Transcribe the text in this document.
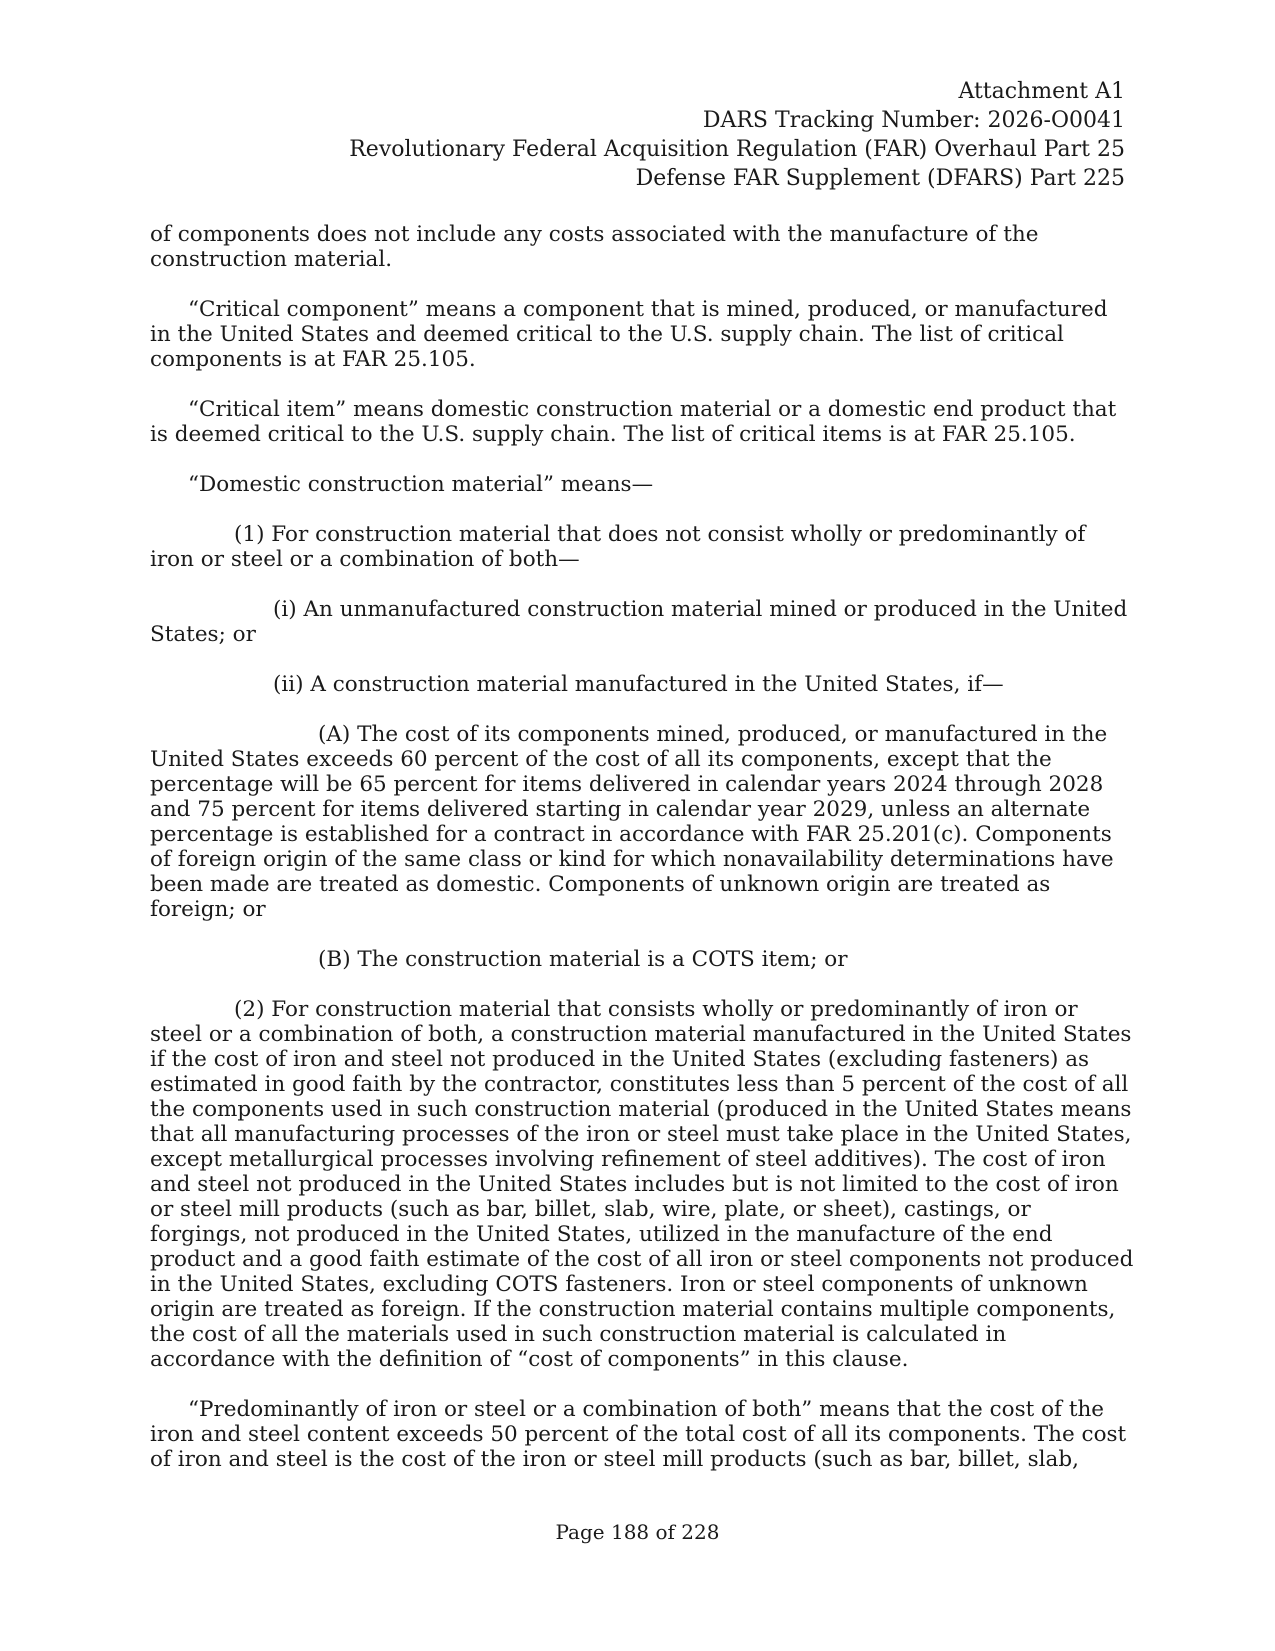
Attachment A1
DARS Tracking Number: 2026-O0041
Revolutionary Federal Acquisition Regulation (FAR) Overhaul Part 25
Defense FAR Supplement (DFARS) Part 225

of components does not include any costs associated with the manufacture of the construction material.

“Critical component” means a component that is mined, produced, or manufactured in the United States and deemed critical to the U.S. supply chain. The list of critical components is at FAR 25.105.

“Critical item” means domestic construction material or a domestic end product that is deemed critical to the U.S. supply chain. The list of critical items is at FAR 25.105.

“Domestic construction material” means—

(1) For construction material that does not consist wholly or predominantly of iron or steel or a combination of both—

(i) An unmanufactured construction material mined or produced in the United States; or

(ii) A construction material manufactured in the United States, if—

(A) The cost of its components mined, produced, or manufactured in the United States exceeds 60 percent of the cost of all its components, except that the percentage will be 65 percent for items delivered in calendar years 2024 through 2028 and 75 percent for items delivered starting in calendar year 2029, unless an alternate percentage is established for a contract in accordance with FAR 25.201(c). Components of foreign origin of the same class or kind for which nonavailability determinations have been made are treated as domestic. Components of unknown origin are treated as foreign; or

(B) The construction material is a COTS item; or

(2) For construction material that consists wholly or predominantly of iron or steel or a combination of both, a construction material manufactured in the United States if the cost of iron and steel not produced in the United States (excluding fasteners) as estimated in good faith by the contractor, constitutes less than 5 percent of the cost of all the components used in such construction material (produced in the United States means that all manufacturing processes of the iron or steel must take place in the United States, except metallurgical processes involving refinement of steel additives). The cost of iron and steel not produced in the United States includes but is not limited to the cost of iron or steel mill products (such as bar, billet, slab, wire, plate, or sheet), castings, or forgings, not produced in the United States, utilized in the manufacture of the end product and a good faith estimate of the cost of all iron or steel components not produced in the United States, excluding COTS fasteners. Iron or steel components of unknown origin are treated as foreign. If the construction material contains multiple components, the cost of all the materials used in such construction material is calculated in accordance with the definition of “cost of components” in this clause.

“Predominantly of iron or steel or a combination of both” means that the cost of the iron and steel content exceeds 50 percent of the total cost of all its components. The cost of iron and steel is the cost of the iron or steel mill products (such as bar, billet, slab,

Page 188 of 228
